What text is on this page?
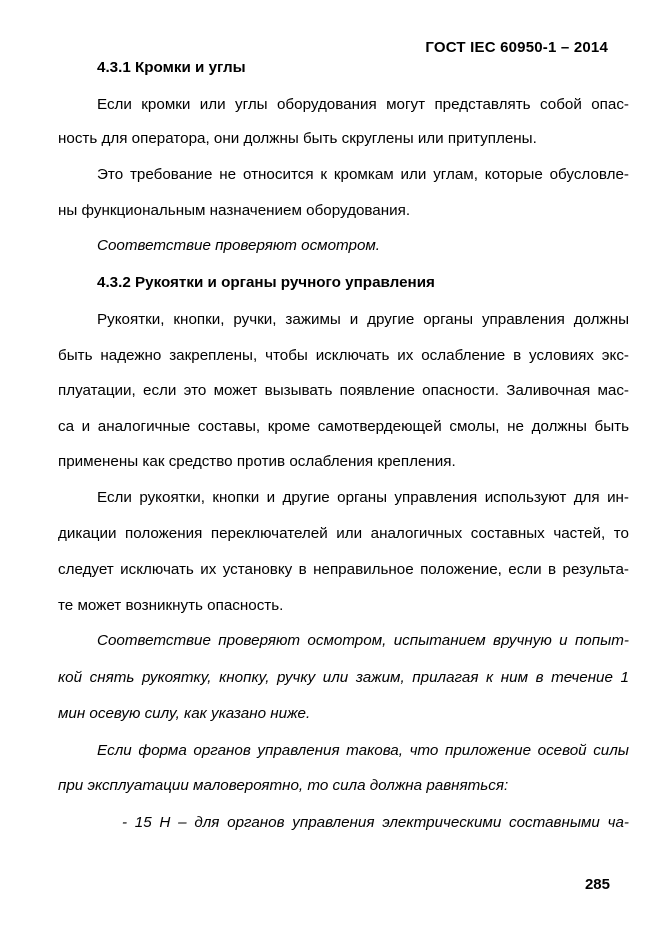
ГОСТ IEC 60950-1 – 2014
4.3.1 Кромки и углы
Если кромки или углы оборудования могут представлять собой опас-
ность для оператора, они должны быть скруглены или притуплены.
Это требование не относится к кромкам или углам, которые обусловле-
ны функциональным назначением оборудования.
Соответствие проверяют осмотром.
4.3.2 Рукоятки и органы ручного управления
Рукоятки, кнопки, ручки, зажимы и другие органы управления должны
быть надежно закреплены, чтобы исключать их ослабление в условиях экс-
плуатации, если это может вызывать появление опасности. Заливочная мас-
са и аналогичные составы, кроме самотвердеющей смолы, не должны быть
применены как средство против ослабления крепления.
Если рукоятки, кнопки и другие органы управления используют для ин-
дикации положения переключателей или аналогичных составных частей, то
следует исключать их установку в неправильное положение, если в результа-
те может возникнуть опасность.
Соответствие проверяют осмотром, испытанием вручную и попыт-
кой снять рукоятку, кнопку, ручку или зажим, прилагая к ним в течение 1
мин осевую силу, как указано ниже.
Если форма органов управления такова, что приложение осевой силы
при эксплуатации маловероятно, то сила должна равняться:
- 15 Н – для органов управления электрическими составными ча-
285
